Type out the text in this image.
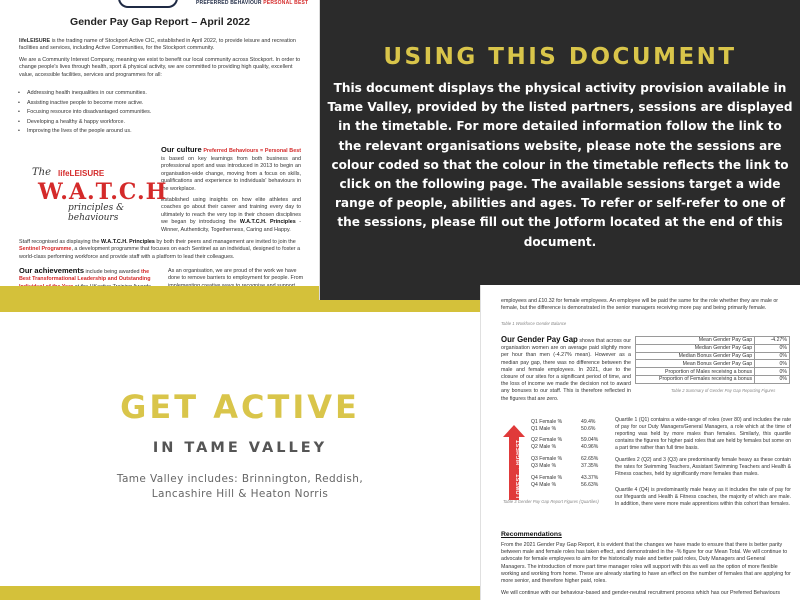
PREFERRED BEHAVIOUR PERSONAL BEST
Gender Pay Gap Report – April 2022

lifeLEISURE is the trading name of Stockport Active CIC, established in April 2022, to provide leisure and recreation facilities and services, including Active Communities, for the Stockport community.

We are a Community Interest Company, meaning we exist to benefit our local community across Stockport. In order to change people's lives through health, sport & physical activity, we are committed to providing high quality, excellent value, accessible facilities, services and programmes for all:

• Addressing health inequalities in our communities.
• Assisting inactive people to become more active.
• Focusing resource into disadvantaged communities.
• Developing a healthy & happy workforce.
• Improving the lives of the people around us.
Our culture Preferred Behaviours = Personal Best is based on key learnings from both business and professional sport and was introduced in 2013 to begin an organisation-wide change, moving from a focus on skills, qualifications and experience to individuals' behaviours in the workplace.
Established using insights on how elite athletes and coaches go about their career and training every day to ultimately to reach the very top in their chosen disciplines we began by introducing the W.A.T.C.H. Principles - Winner, Authenticity, Togetherness, Caring and Happy.
The lifeLEISURE
W.A.T.C.H
principles & behaviours

Staff recognised as displaying the W.A.T.C.H. Principles by both their peers and management are invited to join the Sentinel Programme, a development programme that focuses on each Sentinel as an individual, designed to foster a world-class performing workforce and provide staff with a platform to lead their colleagues.

Our achievements include being awarded the Best Transformational Leadership and Outstanding

As an organisation, we are proud of the work we have done to remove barriers to employment for people. From

USING THIS DOCUMENT

This document displays the physical activity provision available in Tame Valley, provided by the listed partners, sessions are displayed in the timetable. For more detailed information follow the link to the relevant organisations website, please note the sessions are colour coded so that the colour in the timetable reflects the link to click on the following page. The available sessions target a wide range of people, abilities and ages. To refer or self-refer to one of the sessions, please fill out the Jotform located at the end of this document.

GET ACTIVE
IN TAME VALLEY
Tame Valley includes: Brinnington, Reddish,
Lancashire Hill & Heaton Norris

employees and £10.32 for female employees. An employee will be paid the same for the role whether they are male or female, but the difference is demonstrated in the senior managers receiving more pay and being primarily female.

Table 1 Workforce Gender Balance

Our Gender Pay Gap shows that across our organisation women are on average paid slightly more per hour than men (-4.27% mean). However as a median pay gap, there was no difference between the male and female employees. In 2021, due to the closure of our sites for a significant period of time, and the loss of income we made the decision not to award any bonuses to our staff. This is therefore reflected in the figures that are zero.

Mean Gender Pay Gap	-4.27%
Median Gender Pay Gap	0%
Median Bonus Gender Pay Gap	0%
Mean Bonus Gender Pay Gap	0%
Proportion of Males receiving a bonus	0%
Proportion of Females receiving a bonus	0%
Table 2 Summary of Gender Pay Gap Reporting Figures
LOWEST → HIGHEST
Q1 Female %	49.4%
Q1 Male %	50.6%
Q2 Female %	59.04%
Q2 Male %	40.96%
Q3 Female %	62.65%
Q3 Male %	37.35%
Q4 Female %	43.37%
Q4 Male %	56.63%
Table 3 Gender Pay Gap Report Figures (Quartiles)

Quartile 1 (Q1) contains a wide-range of roles (over 80) and includes the rate of pay for our Duty Managers/General Managers, a role which at the time of reporting was held by more males than females. Similarly, this quartile contains the figures for higher paid roles that are held by females but some on a part time rather than full time basis.

Quartiles 2 (Q2) and 3 (Q3) are predominantly female heavy as these contain the rates for Swimming Teachers, Assistant Swimming Teachers and Health & Fitness coaches, held by significantly more females than males.

Quartile 4 (Q4) is predominantly male heavy as it includes the rate of pay for our lifeguards and Health & Fitness coaches, the majority of which are male. In addition, there were more male apprentices within this cohort than females.

Recommendations

From the 2021 Gender Pay Gap Report, it is evident that the changes we have made to ensure that there is better parity between male and female roles has taken effect, and demonstrated in the -% figure for our Mean Total. We will continue to advocate for female employees to aim for the historically male and better paid roles, Duty Managers and General Managers. The introduction of more part time manager roles will support with this as well as the option of more flexible working and working from home. These are already starting to have an effect on the number of females that are applying for more senior, and therefore higher paid, roles.

We will continue with our behaviour-based and gender-neutral recruitment process which has our Preferred Behaviours
